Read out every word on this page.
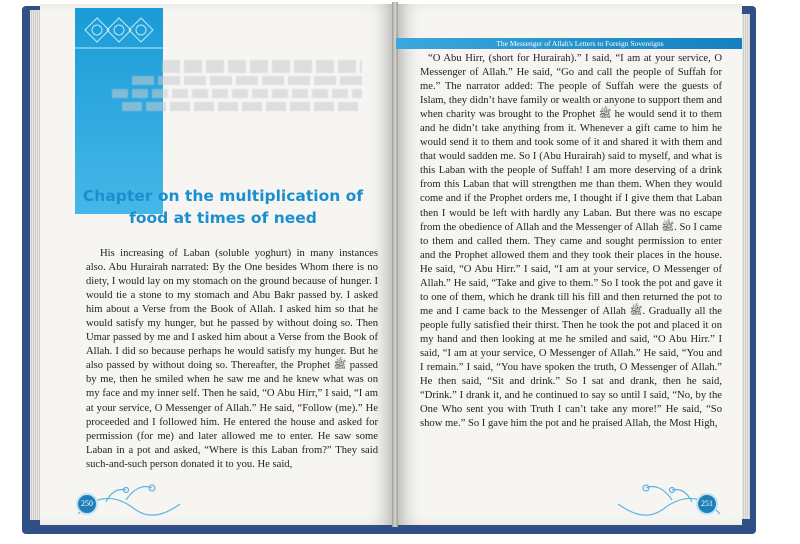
Chapter on the multiplication of
food at times of need

His increasing of Laban (soluble yoghurt) in many instances also. Abu Hurairah narrated: By the One besides Whom there is no diety, I would lay on my stomach on the ground because of hunger. I would tie a stone to my stomach and Abu Bakr passed by. I asked him about a Verse from the Book of Allah. I asked him so that he would satisfy my hunger, but he passed by without doing so. Then Umar passed by me and I asked him about a Verse from the Book of Allah. I did so because perhaps he would satisfy my hunger. But he also passed by without doing so. Thereafter, the Prophet ﷺ passed by me, then he smiled when he saw me and he knew what was on my face and my inner self. Then he said, “O Abu Hirr,” I said, “I am at your service, O Messenger of Allah.” He said, “Follow (me).” He proceeded and I followed him. He entered the house and asked for permission (for me) and later allowed me to enter. He saw some Laban in a pot and asked, “Where is this Laban from?” They said such-and-such person donated it to you. He said,

The Messenger of Allah's Letters to Foreign Sovereigns

“O Abu Hirr, (short for Hurairah).” I said, “I am at your service, O Messenger of Allah.” He said, “Go and call the people of Suffah for me.” The narrator added: The people of Suffah were the guests of Islam, they didn’t have family or wealth or anyone to support them and when charity was brought to the Prophet ﷺ he would send it to them and he didn’t take anything from it. Whenever a gift came to him he would send it to them and took some of it and shared it with them and that would sadden me. So I (Abu Hurairah) said to myself, and what is this Laban with the people of Suffah! I am more deserving of a drink from this Laban that will strengthen me than them. When they would come and if the Prophet orders me, I thought if I give them that Laban then I would be left with hardly any Laban. But there was no escape from the obedience of Allah and the Messenger of Allah ﷺ. So I came to them and called them. They came and sought permission to enter and the Prophet allowed them and they took their places in the house. He said, “O Abu Hirr.” I said, “I am at your service, O Messenger of Allah.” He said, “Take and give to them.” So I took the pot and gave it to one of them, which he drank till his fill and then returned the pot to me and I came back to the Messenger of Allah ﷺ. Gradually all the people fully satisfied their thirst. Then he took the pot and placed it on my hand and then looking at me he smiled and said, “O Abu Hirr.” I said, “I am at your service, O Messenger of Allah.” He said, “You and I remain.” I said, “You have spoken the truth, O Messenger of Allah.” He then said, “Sit and drink.” So I sat and drank, then he said, “Drink.” I drank it, and he continued to say so until I said, “No, by the One Who sent you with Truth I can’t take any more!” He said, “So show me.” So I gave him the pot and he praised Allah, the Most High,

250	251
